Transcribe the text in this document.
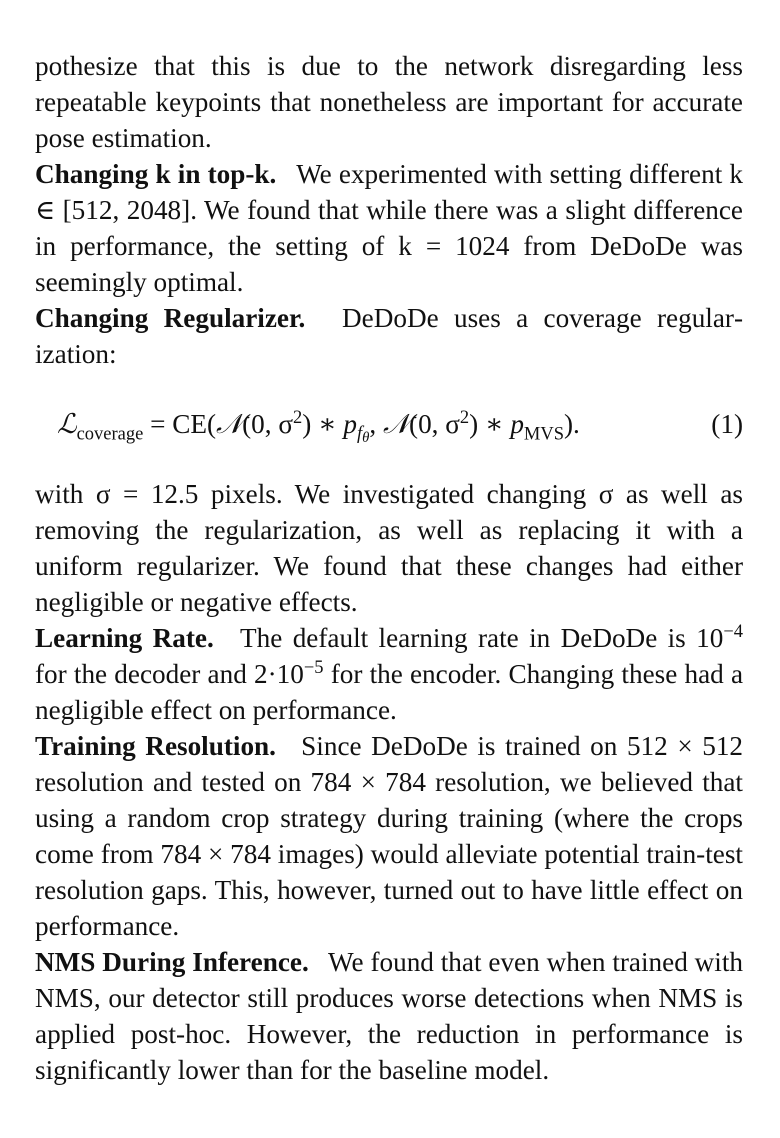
pothesize that this is due to the network disregarding less repeatable keypoints that nonetheless are important for accurate pose estimation.

Changing k in top-k. We experimented with setting different k ∈ [512, 2048]. We found that while there was a slight difference in performance, the setting of k = 1024 from DeDoDe was seemingly optimal.

Changing Regularizer. DeDoDe uses a coverage regularization:

ℒ$_{coverage}$ = CE(𝒩(0, $\sigma^2$) ∗ $p_{f\theta}$, 𝒩(0, $\sigma^2$) ∗ $p_{MVS}$).	(1)

with σ = 12.5 pixels. We investigated changing σ as well as removing the regularization, as well as replacing it with a uniform regularizer. We found that these changes had either negligible or negative effects.

Learning Rate. The default learning rate in DeDoDe is $10^{-4}$ for the decoder and $2\cdot 10^{-5}$ for the encoder. Changing these had a negligible effect on performance.

Training Resolution. Since DeDoDe is trained on 512 × 512 resolution and tested on 784 × 784 resolution, we believed that using a random crop strategy during training (where the crops come from 784 × 784 images) would alleviate potential train-test resolution gaps. This, however, turned out to have little effect on performance.

NMS During Inference. We found that even when trained with NMS, our detector still produces worse detections when NMS is applied post-hoc. However, the reduction in performance is significantly lower than for the baseline model.
